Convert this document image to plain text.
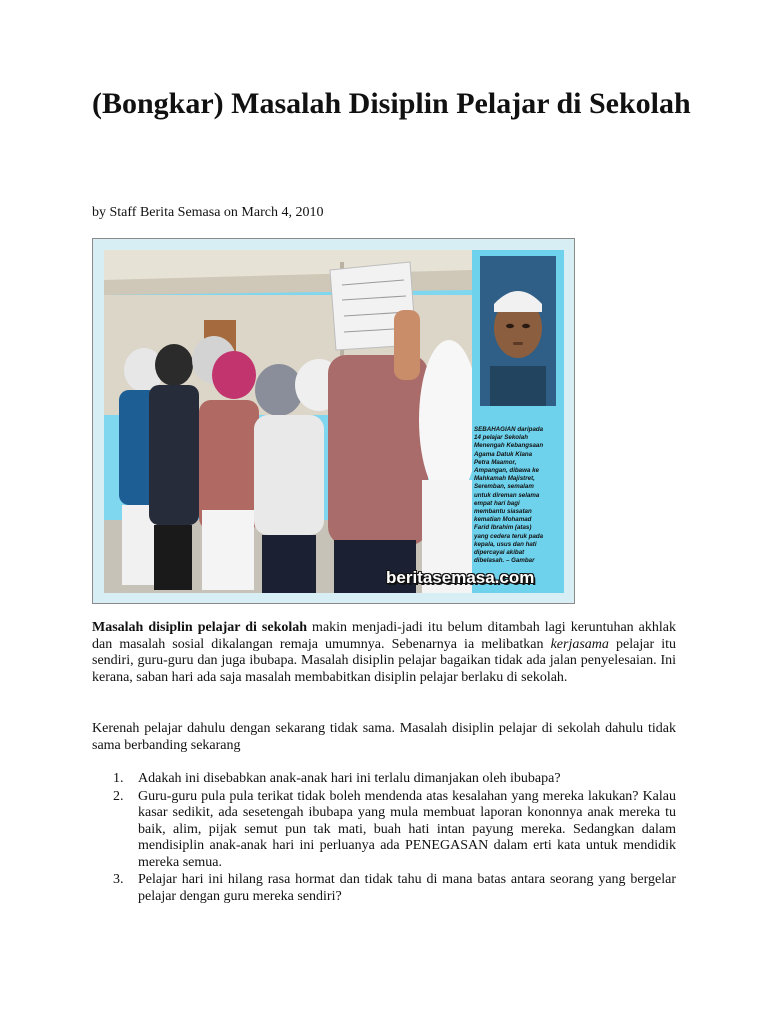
(Bongkar) Masalah Disiplin Pelajar di Sekolah
by Staff Berita Semasa on March 4, 2010
SEBAHAGIAN daripada
14 pelajar Sekolah
Menengah Kebangsaan
Agama Datuk Klana
Petra Maamor,
Ampangan, dibawa ke
Mahkamah Majistret,
Seremban, semalam
untuk direman selama
empat hari bagi
membantu siasatan
kematian Mohamad
Farid Ibrahim (atas)
yang cedera teruk pada
kepala, usus dan hati
dipercayai akibat
dibelasah. – Gambar
beritasemasa.com
Masalah disiplin pelajar di sekolah makin menjadi-jadi itu belum ditambah lagi keruntuhan akhlak dan masalah sosial dikalangan remaja umumnya. Sebenarnya ia melibatkan kerjasama pelajar itu sendiri, guru-guru dan juga ibubapa. Masalah disiplin pelajar bagaikan tidak ada jalan penyelesaian. Ini kerana, saban hari ada saja masalah membabitkan disiplin pelajar berlaku di sekolah.
Kerenah pelajar dahulu dengan sekarang tidak sama. Masalah disiplin pelajar di sekolah dahulu tidak sama berbanding sekarang
1. Adakah ini disebabkan anak-anak hari ini terlalu dimanjakan oleh ibubapa?
2. Guru-guru pula pula terikat tidak boleh mendenda atas kesalahan yang mereka lakukan? Kalau kasar sedikit, ada sesetengah ibubapa yang mula membuat laporan kononnya anak mereka tu baik, alim, pijak semut pun tak mati, buah hati intan payung mereka. Sedangkan dalam mendisiplin anak-anak hari ini perluanya ada PENEGASAN dalam erti kata untuk mendidik mereka semua.
3. Pelajar hari ini hilang rasa hormat dan tidak tahu di mana batas antara seorang yang bergelar pelajar dengan guru mereka sendiri?
